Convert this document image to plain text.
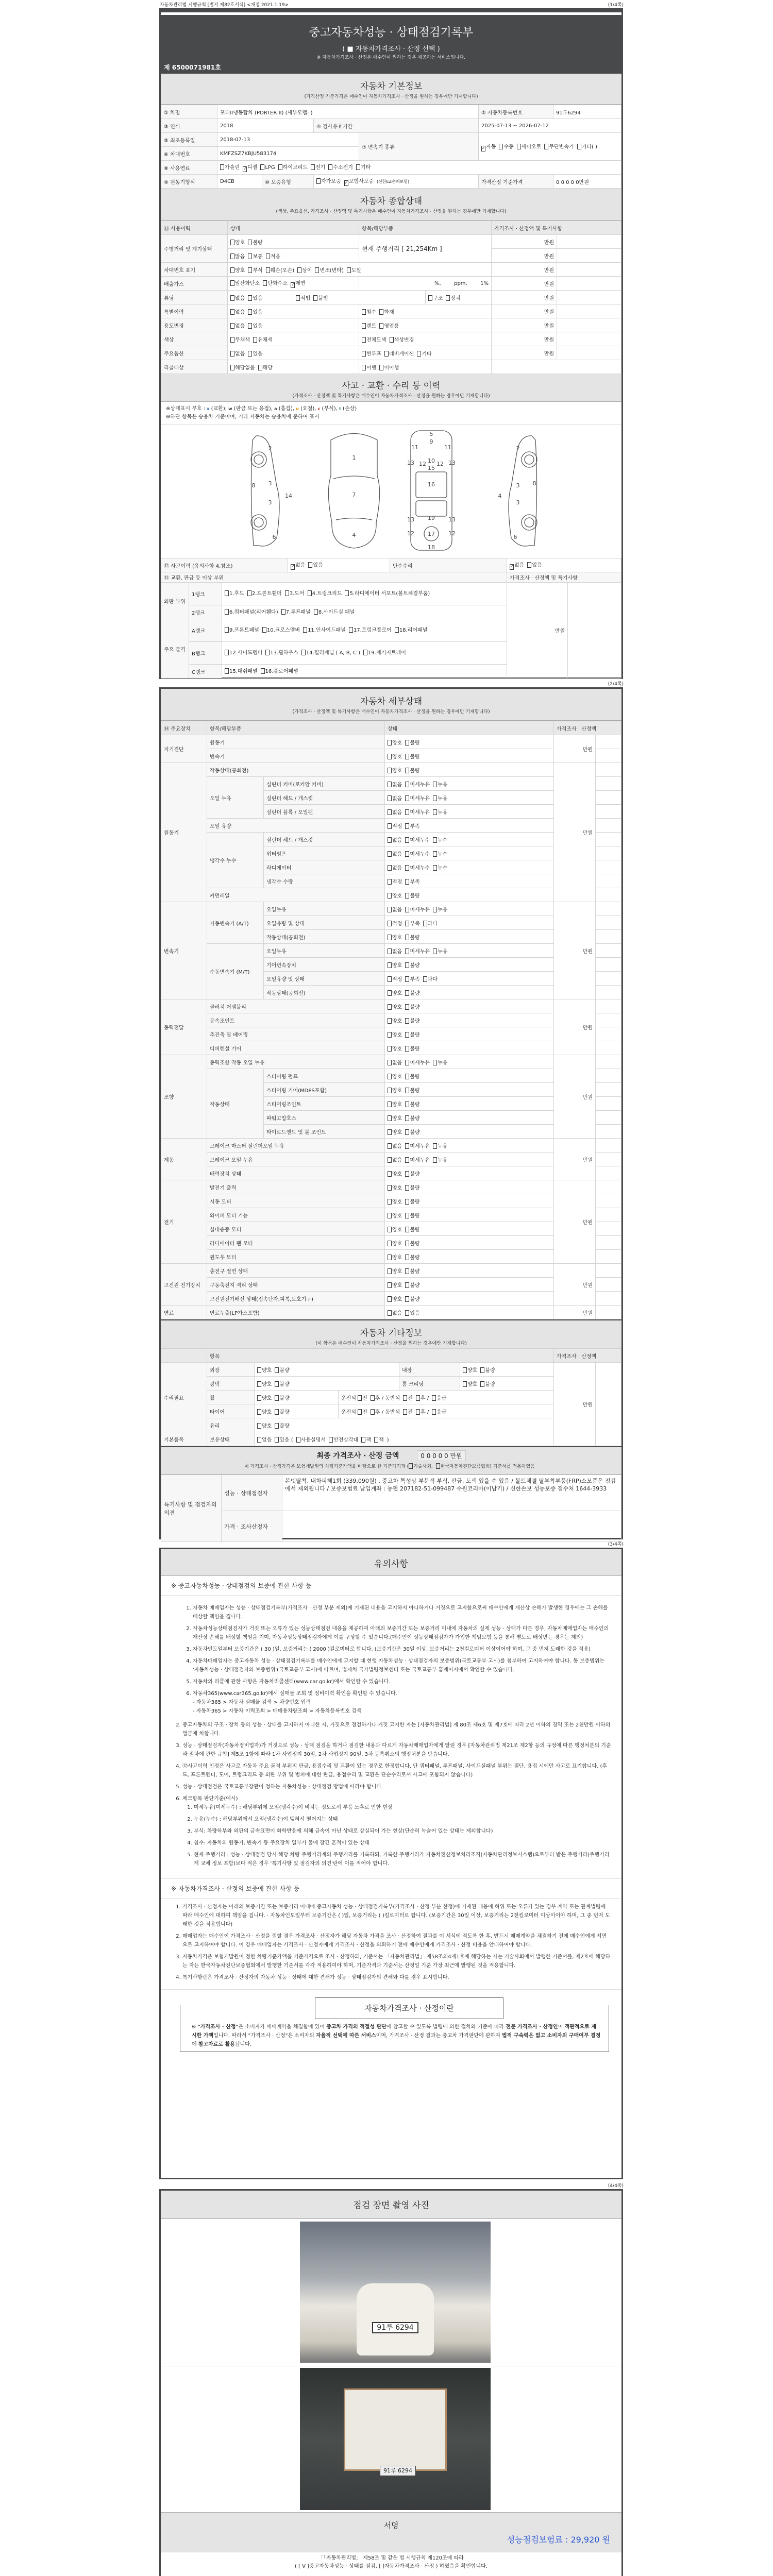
자동차관리법 시행규칙 [별지 제82호서식] <개정 2021.1.19>	(1/4쪽)
중고자동차성능 · 상태점검기록부
( ■ 자동차가격조사 · 산정 선택 )
※ 자동차가격조사 · 산정은 매수인이 원하는 경우 제공하는 서비스입니다.
제 6500071981호
자동차 기본정보
(가격산정 기준가격은 매수인이 자동차가격조사 · 산정을 원하는 경우에만 기재합니다)
① 차명	포터II냉동탑차 (PORTER II) (세부모델: )				② 자동차등록번호	91루6294
③ 연식	2018		④ 검사유효기간		2025-07-13 ~ 2026-07-12	
⑤ 최초등록일	2018-07-13			⑦ 변속기 종류	✓자동 수동 세미오토 무단변속기 기타( )
⑥ 차대번호	KMFZSZ7KBJU583174					
⑧ 사용연료	가솔린 ✓ 디젤 LPG 하이브리드 전기 수소전기 기타
⑨ 원동기형식	D4CB	⑩ 보증유형	자가보증 ✓ 보험사보증 (신한EZ손해보험)		가격산정 기준가격	0 0 0 0 0만원
자동차 종합상태
(색상, 주요옵션, 가격조사 · 산정액 및 특기사항은 매수인이 자동차가격조사 · 산정을 원하는 경우에만 기재합니다)
⑪ 사용이력	상태		항목/해당부품		가격조사 · 산정액 및 특기사항	
주행거리 및 계기상태	양호 불량		현재 주행거리 [ 21,254Km ]		만원	
	많음 보통 적음				만원	
차대번호 표기	양호 부식 훼손(오손) 상이 변조(변타) 도말				만원	
배출가스	일산화탄소 탄화수소 ✓ 매연		%,        ppm,        1%		만원	
튜닝	없음 있음	적법 불법		구조 장치	만원	
특별이력	없음 있음		침수 화재		만원	
용도변경	없음 있음		렌트 영업용		만원	
색상	무채색 유채색		전체도색 색상변경		만원	
주요옵션	없음 있음		썬루프 네비게이션 기타		만원	
리콜대상	해당없음 해당		이행 미이행			
사고 · 교환 · 수리 등 이력
(가격조사 · 산정액 및 특기사항은 매수인이 자동차가격조사 · 산정을 원하는 경우에만 기재합니다)
※상태표시 부호 : x (교환), w (판금 또는 용접), a (흠집), u (요철), c (부식), t (손상)
※하단 항목은 승용차 기준이며, 기타 자동차는 승용차에 준하여 표시
2
8 3
3
14
6
1
7
4
5
9
11	11
13	13
12 12
10
15
16
13	13
19
17
12	12
18
2
3 8
4
3
6
⑫ 사고이력 (유의사항 4.참조)	✓없음 있음	단순수리	✓없음 있음
⑬ 교환, 판금 등 이상 부위					가격조사 · 산정액 및 특기사항	
외판 부위	1랭크	1.후드 2.프론트휀더 3.도어 4.트렁크리드 5.라디에이터 서포트(볼트체결부품)			만원	
	2랭크	6.쿼터패널(리어휀다) 7.루프패널 8.사이드실 패널				
주요 골격	A랭크	9.프론트패널 10.크로스멤버 11.인사이드패널 17.트렁크플로어 18.리어패널				
	B랭크	12.사이드멤버 13.휠하우스 14.필러패널 ( A, B, C ) 19.패키지트레이				
	C랭크	15.대쉬패널 16.플로어패널				
(2/4쪽)
자동차 세부상태
(가격조사 · 산정액 및 특기사항은 매수인이 자동차가격조사 · 산정을 원하는 경우에만 기재합니다)
⑭ 주요장치	항목/해당부품		상태	가격조사 · 산정액	
자기진단	원동기		양호 불량	만원	
	변속기		양호 불량		
원동기	작동상태(공회전)		양호 불량	만원	
	오일 누유	실린더 커버(로커암 커버)	없음 미세누유 누유		
		실린더 헤드 / 개스킷	없음 미세누유 누유		
		실린더 블록 / 오일팬	없음 미세누유 누유		
	오일 유량		적정 부족		
	냉각수 누수	실린더 헤드 / 개스킷	없음 미세누수 누수		
		워터펌프	없음 미세누수 누수		
		라디에이터	없음 미세누수 누수		
		냉각수 수량	적정 부족		
	커먼레일		양호 불량		
변속기	자동변속기 (A/T)	오일누유	없음 미세누유 누유	만원	
		오일유량 및 상태	적정 부족 과다		
		작동상태(공회전)	양호 불량		
	수동변속기 (M/T)	오일누유	없음 미세누유 누유		
		기어변속장치	양호 불량		
		오일유량 및 상태	적정 부족 과다		
		작동상태(공회전)	양호 불량		
동력전달	클러치 어셈블리		양호 불량	만원	
	등속조인트		양호 불량		
	추진축 및 베어링		양호 불량		
	디퍼렌셜 기어		양호 불량		
조향	동력조향 작동 오일 누유		없음 미세누유 누유	만원	
	작동상태	스티어링 펌프	양호 불량		
		스티어링 기어(MDPS포함)	양호 불량		
		스티어링조인트	양호 불량		
		파워고압호스	양호 불량		
		타이로드엔드 및 볼 조인트	양호 불량		
제동	브레이크 마스터 실린더오일 누유		없음 미세누유 누유	만원	
	브레이크 오일 누유		없음 미세누유 누유		
	배력장치 상태		양호 불량		
전기	발전기 출력		양호 불량	만원	
	시동 모터		양호 불량		
	와이퍼 모터 기능		양호 불량		
	실내송풍 모터		양호 불량		
	라디에이터 팬 모터		양호 불량		
	윈도우 모터		양호 불량		
고전원 전기장치	충전구 절연 상태		양호 불량	만원	
	구동축전지 격리 상태		양호 불량		
	고전원전기배선 상태(접속단자,피복,보호기구)		양호 불량		
연료	연료누출(LP가스포함)		없음 있음	만원	
자동차 기타정보
(이 항목은 매수인이 자동차가격조사 · 산정을 원하는 경우에만 기재합니다)
	항목					가격조사 · 산정액	
수리필요	외장	양호 불량		내장	양호 불량	만원	
	광택	양호 불량		룸 크리닝	양호 불량		
	휠	양호 불량	운전석 전 후 / 동반석 전 후 / 응급				
	타이어	양호 불량	운전석 전 후 / 동반석 전 후 / 응급				
	유리	양호 불량					
기본품목	보유상태	없음 있음 ( 사용설명서 안전삼각대 잭 잭 )					
최종 가격조사 · 산정 금액	0 0 0 0 0 만원
이 가격조사 · 산정가격은 보험개발원의 차량기준가액을 바탕으로 한 기준가격과 ( 기술사회, 한국자동차진단보증협회) 기준서를 적용하였음
특기사항 및 점검자의 의견	성능 · 상태점검자	본넷탈착, 내차피해1회 (339,090원) , 중고차 특성상 부분적 부식, 판금, 도색 있을 수 있음 / 볼트체결 탈부착부품(FRP)소모품은 점검에서 제외됩니다 / 보증보험료 납입계좌 : 농협 207182-51-099487 수원코리아(이남기) / 신한손보 성능보증 접수처 1644-3933
	가격 · 조사산정자	
(3/4쪽)
유의사항
※ 중고자동차성능 · 상태점검의 보증에 관한 사항 등
1. 자동차 매매업자는 성능 · 상태점검기록부(가격조사 · 산정 부분 제외)에 기재된 내용을 고지하지 아니하거나 거짓으로 고지함으로써 매수인에게 재산상 손해가 발생한 경우에는 그 손해를 배상할 책임을 집니다.
2. 자동차성능상태점검자가 거짓 또는 오류가 있는 성능상태점검 내용을 제공하여 아래의 보증기간 또는 보증거리 이내에 자동차의 실제 성능 · 상태가 다른 경우, 자동차매매업자는 매수인의 재산상 손해를 배상할 책임을 지며, 자동차성능상태점검자에게 이를 구상할 수 있습니다.(매수인이 성능상태점검자가 가입한 책임보험 등을 통해 별도로 배상받는 경우는 제외)
3. 자동차인도일부터 보증기간은 ( 30 )일, 보증거리는 ( 2000 )킬로미터로 합니다. (보증기간은 30일 이상, 보증거리는 2천킬로미터 이상이어야 하며, 그 중 먼저 도래한 것을 적용)
4. 자동차매매업자는 중고자동차 성능 · 상태점검기록부를 매수인에게 고지할 때 현행 자동차성능 · 상태점검자의 보증범위(국토교통부 고시)를 첨부하여 고지하여야 합니다. 동 보증범위는 '자동차성능 · 상태점검자의 보증범위'(국토교통부 고시)에 따르며, 법제처 국가법령정보센터 또는 국토교통부 홈페이지에서 확인할 수 있습니다.
5. 자동차의 리콜에 관한 사항은 자동차리콜센터(www.car.go.kr)에서 확인할 수 있습니다.
6. 자동차365(www.car365.go.kr)에서 실매물 조회 및 정비이력 확인을 확인할 수 있습니다.
- 자동차365 > 자동차 실매물 검색 > 차량번호 입력
- 자동차365 > 자동차 이력조회 > 매매용차량조회 > 자동차등록번호 검색
2. 중고자동차의 구조 · 장치 등의 성능 · 상태를 고지하지 아니한 자, 거짓으로 점검하거나 거짓 고지한 자는 [자동차관리법] 제 80조 제6호 및 제7호에 따라 2년 이하의 징역 또는 2천만원 이하의 벌금에 처합니다.
3. 성능 · 상태점검자(자동차정비업자)가 거짓으로 성능 · 상태 점검을 하거나 점검한 내용과 다르게 자동차매매업자에게 알린 경우 [자동차관리법 제21조 제2항 등의 규정에 따른 행정처분의 기준과 절차에 관한 규칙] 제5조 1항에 따라 1차 사업정지 30일, 2차 사업정지 90일, 3차 등록취소의 행정처분을 받습니다.
4. ⑫사고이력 인정은 사고로 자동차 주요 골격 부위의 판금, 용접수리 및 교환이 있는 경우로 한정합니다. 단 쿼터패널, 루프패널, 사이드실패널 부위는 절단, 용접 시에만 사고로 표기합니다. (후드, 프론트펜더, 도어, 트렁크리드 등 외판 부위 및 범퍼에 대한 판금, 용접수리 및 교환은 단순수리로서 사고에 포함되지 않습니다)
5. 성능 · 상태점검은 국토교통부장관이 정하는 자동차성능 · 상태점검 방법에 따라야 합니다.
6. 체크항목 판단기준(예시)
1. 미세누유(미세누수) : 해당부위에 오일(냉각수)이 비치는 정도로서 부품 노후로 인한 현상
2. 누유(누수) : 해당부위에서 오일(냉각수)이 맺혀서 떨어지는 상태
3. 부식: 차량하부와 외판의 금속표면이 화학반응에 의해 금속이 아닌 상태로 상실되어 가는 현상(단순히 녹슬어 있는 상태는 제외합니다)
4. 침수: 자동차의 원동기, 변속기 등 주요장치 일부가 물에 잠긴 흔적이 있는 상태
5. 현재 주행거리 : 성능 · 상태점검 당시 해당 차량 주행거리계의 주행거리를 기록하되, 기록한 주행거리가 자동차전산정보처리조직(자동차관리정보시스템)으로부터 받은 주행거리(주행거리계 교체 정보 포함)보다 적은 경우 '특기사항 및 점검자의 의견'란에 이를 적어야 합니다.
※ 자동차가격조사 · 산정의 보증에 관한 사항 등
1. 가격조사 · 산정자는 아래의 보증기간 또는 보증거리 이내에 중고자동차 성능 · 상태점검기록부(가격조사 · 산정 부분 한정)에 기재된 내용에 허위 또는 오류가 있는 경우 계약 또는 관계법령에 따라 매수인에 대하여 책임을 집니다. · 자동차인도일부터 보증기간은 ( )일, 보증거리는 ( )킬로미터로 합니다. (보증기간은 30일 이상, 보증거리는 2천킬로미터 이상이어야 하며, 그 중 먼저 도래한 것을 적용합니다)
2. 매매업자는 매수인이 가격조사 · 산정을 원할 경우 가격조사 · 산정자가 해당 자동차 가격을 조사 · 산정하여 결과를 이 서식에 적도록 한 후, 반드시 매매계약을 체결하기 전에 매수인에게 서면으로 고지하여야 합니다. 이 경우 매매업자는 가격조사 · 산정자에게 가격조사 · 산정을 의뢰하기 전에 매수인에게 가격조사 · 산정 비용을 안내하여야 합니다.
3. 자동차가격은 보험개발원이 정한 차량기준가액을 기준가격으로 조사 · 산정하되, 기준서는 「자동차관리법」 제58조의4제1호에 해당하는 자는 기술사회에서 발행한 기준서를, 제2호에 해당하는 자는 한국자동차진단보증협회에서 발행한 기준서를 각각 적용하여야 하며, 기준가격과 기준서는 산정일 기준 가장 최근에 발행된 것을 적용합니다.
4. 특기사항란은 가격조사 · 산정자의 자동차 성능 · 상태에 대한 견해가 성능 · 상태점검자의 견해와 다를 경우 표시합니다.
자동차가격조사 · 산정이란
※ "가격조사 · 산정"은 소비자가 매매계약을 체결함에 있어 중고차 가격의 적절성 판단에 참고할 수 있도록 법령에 의한 절차와 기준에 따라 전문 가격조사 · 산정인이 객관적으로 제시한 가액입니다. 따라서 "가격조사 · 산정"은 소비자의 자율적 선택에 따른 서비스이며, 가격조사 · 산정 결과는 중고차 가격판단에 관하여 법적 구속력은 없고 소비자의 구매여부 결정에 참고자료로 활용됩니다.
(4/4쪽)
점검 장면 촬영 사진
91루 6294
91루 6294
서명
성능점검보험료 : 29,920 원
「「자동차관리법」 제58조 및 같은 법 시행규칙 제120조에 따라
( [ V ]중고자동차성능 · 상태를 점검, [ ]자동차가격조사 · 산정 ) 하였음을 확인합니다.
